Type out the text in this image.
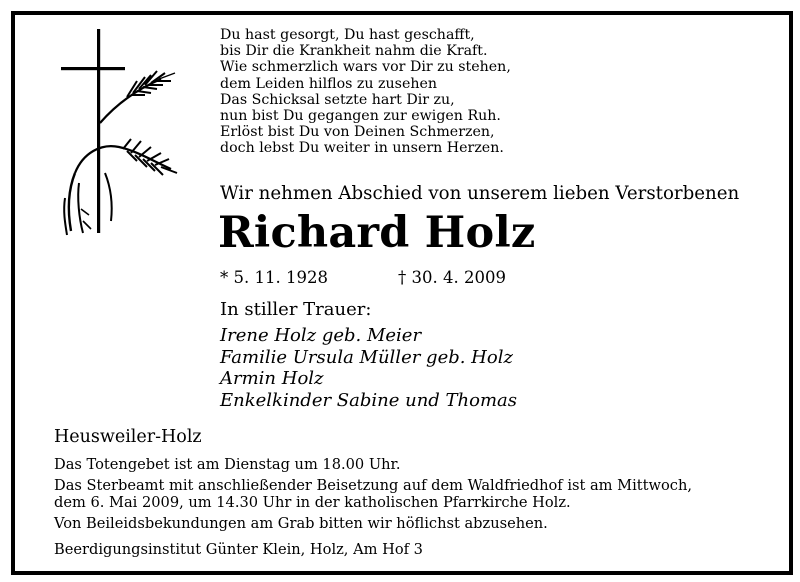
Du hast gesorgt, Du hast geschafft,
bis Dir die Krankheit nahm die Kraft.
Wie schmerzlich wars vor Dir zu stehen,
dem Leiden hilflos zu zusehen
Das Schicksal setzte hart Dir zu,
nun bist Du gegangen zur ewigen Ruh.
Erlöst bist Du von Deinen Schmerzen,
doch lebst Du weiter in unsern Herzen.
Wir nehmen Abschied von unserem lieben Verstorbenen
Richard Holz
* 5. 11. 1928	† 30. 4. 2009
In stiller Trauer:
Irene Holz geb. Meier
Familie Ursula Müller geb. Holz
Armin Holz
Enkelkinder Sabine und Thomas
Heusweiler-Holz
Das Totengebet ist am Dienstag um 18.00 Uhr.
Das Sterbeamt mit anschließender Beisetzung auf dem Waldfriedhof ist am Mittwoch,
dem 6. Mai 2009, um 14.30 Uhr in der katholischen Pfarrkirche Holz.
Von Beileidsbekundungen am Grab bitten wir höflichst abzusehen.
Beerdigungsinstitut Günter Klein, Holz, Am Hof 3
